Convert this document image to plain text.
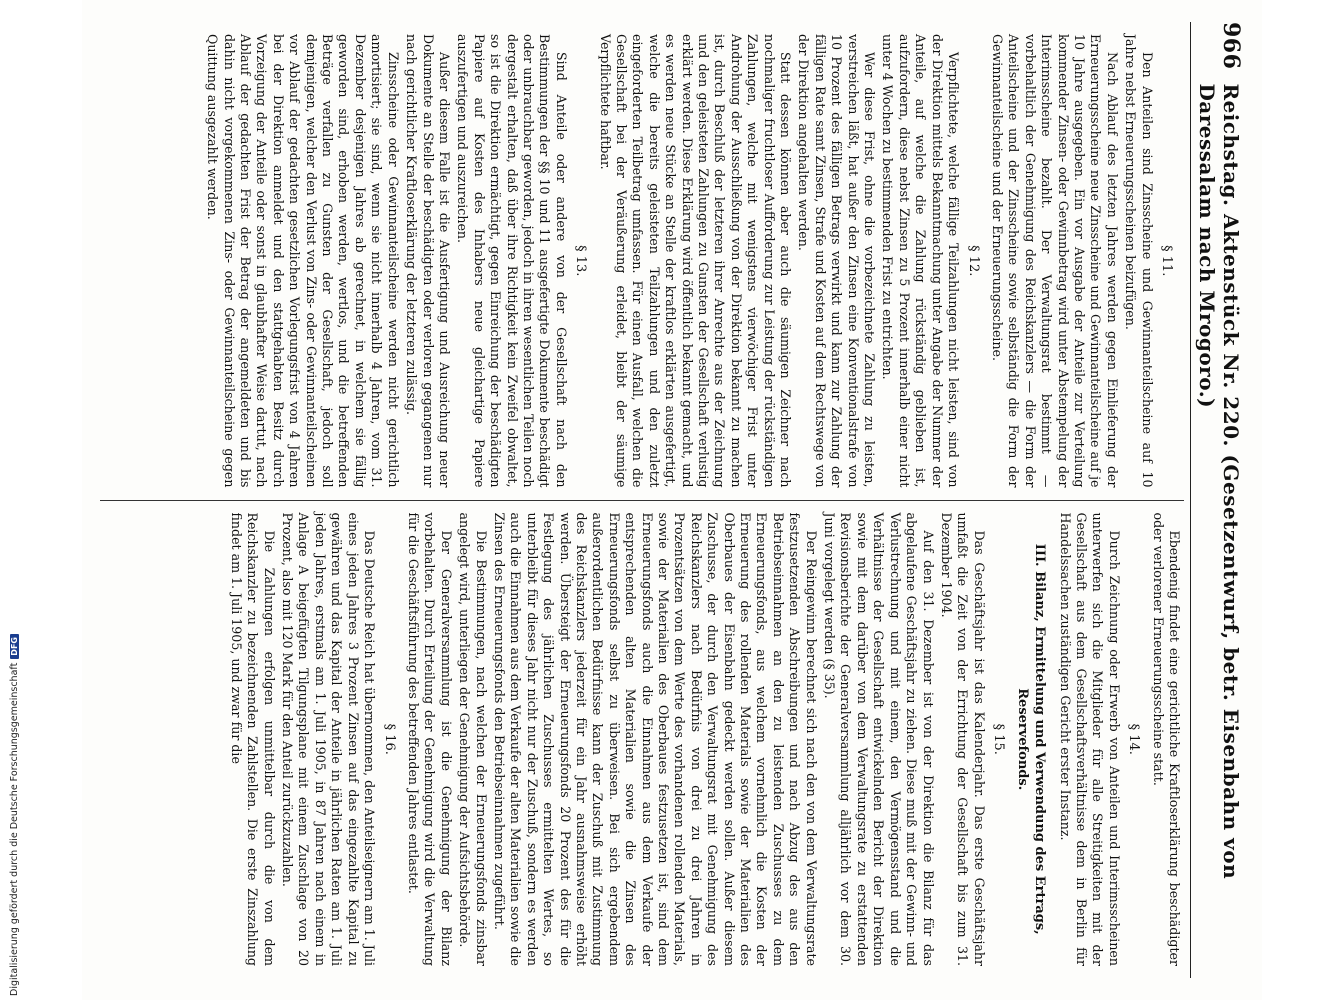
966
Reichstag. Aktenstück Nr. 220. (Gesetzentwurf, betr. Eisenbahn von Daressalam nach Mrogoro.)
§ 11.

Den Anteilen sind Zinsscheine und Gewinnanteilscheine auf 10 Jahre nebst Erneuerungsscheinen beizufügen.

Nach Ablauf des letzten Jahres werden gegen Einlieferung der Erneuerungsscheine neue Zinsscheine und Gewinnanteilscheine auf je 10 Jahre ausgegeben. Ein vor Ausgabe der Anteile zur Verteilung kommender Zinsen- oder Gewinnbetrag wird unter Abstempelung der Interimsscheine bezahlt. Der Verwaltungsrat bestimmt — vorbehaltlich der Genehmigung des Reichskanzlers — die Form der Anteilscheine und der Zinsscheine sowie selbständig die Form der Gewinnanteilscheine und der Erneuerungsscheine.

§ 12.

Verpflichtete, welche fällige Teilzahlungen nicht leisten, sind von der Direktion mittels Bekanntmachung unter Angabe der Nummer der Anteile, auf welche die Zahlung rückständig geblieben ist, aufzufordern, diese nebst Zinsen zu 5 Prozent innerhalb einer nicht unter 4 Wochen zu bestimmenden Frist zu entrichten.

Wer diese Frist, ohne die vorbezeichnete Zahlung zu leisten, verstreichen läßt, hat außer den Zinsen eine Konventionalstrafe von 10 Prozent des fälligen Betrags verwirkt und kann zur Zahlung der fälligen Rate samt Zinsen, Strafe und Kosten auf dem Rechtswege von der Direktion angehalten werden.

Statt dessen können aber auch die säumigen Zeichner nach nochmaliger fruchtloser Aufforderung zur Leistung der rückständigen Zahlungen, welche mit wenigstens vierwöchiger Frist unter Androhung der Ausschließung von der Direktion bekannt zu machen ist, durch Beschluß der letzteren ihrer Anrechte aus der Zeichnung und den geleisteten Zahlungen zu Gunsten der Gesellschaft verlustig erklärt werden. Diese Erklärung wird öffentlich bekannt gemacht, und es werden neue Stücke an Stelle der kraftlos erklärten ausgefertigt, welche die bereits geleisteten Teilzahlungen und den zuletzt eingeforderten Teilbetrag umfassen. Für einen Ausfall, welchen die Gesellschaft bei der Veräußerung erleidet, bleibt der säumige Verpflichtete haftbar.

§ 13.

Sind Anteile oder andere von der Gesellschaft nach den Bestimmungen der §§ 10 und 11 ausgefertigte Dokumente beschädigt oder unbrauchbar geworden, jedoch in ihren wesentlichen Teilen noch dergestalt erhalten, daß über ihre Richtigkeit kein Zweifel obwaltet, so ist die Direktion ermächtigt, gegen Einreichung der beschädigten Papiere auf Kosten des Inhabers neue gleichartige Papiere auszufertigen und auszureichen.

Außer diesem Falle ist die Ausfertigung und Ausreichung neuer Dokumente an Stelle der beschädigten oder verloren gegangenen nur nach gerichtlicher Kraftloserklärung der letzteren zulässig.

Zinsscheine oder Gewinnanteilscheine werden nicht gerichtlich amortisiert; sie sind, wenn sie nicht innerhalb 4 Jahren, vom 31. Dezember desjenigen Jahres ab gerechnet, in welchem sie fällig geworden sind, erhoben werden, wertlos, und die betreffenden Beträge verfallen zu Gunsten der Gesellschaft, jedoch soll demjenigen, welcher den Verlust von Zins- oder Gewinnanteilscheinen vor Ablauf der gedachten gesetzlichen Vorlegungsfrist von 4 Jahren bei der Direktion anmeldet und den stattgehabten Besitz durch Vorzeigung der Anteile oder sonst in glaubhafter Weise dartut, nach Ablauf der gedachten Frist der Betrag der angemeldeten und bis dahin nicht vorgekommenen Zins- oder Gewinnanteilscheine gegen Quittung ausgezahlt werden.

Ebendenig findet eine gerichtliche Kraftloserklärung beschädigter oder verlorener Erneuerungsscheine statt.

§ 14.

Durch Zeichnung oder Erwerb von Anteilen und Interimsscheinen unterwerfen sich die Mitglieder für alle Streitigkeiten mit der Gesellschaft aus dem Gesellschaftsverhältnisse dem in Berlin für Handelssachen zuständigen Gericht erster Instanz.

III. Bilanz, Ermittelung und Verwendung des Ertrags, Reservefonds.
§ 15.

Das Geschäftsjahr ist das Kalenderjahr. Das erste Geschäftsjahr umfaßt die Zeit von der Errichtung der Gesellschaft bis zum 31. Dezember 1904.

Auf den 31. Dezember ist von der Direktion die Bilanz für das abgelaufene Geschäftsjahr zu ziehen. Diese muß mit der Gewinn- und Verlustrechnung und mit einem, den Vermögensstand und die Verhältnisse der Gesellschaft entwickelnden Bericht der Direktion sowie mit dem darüber von dem Verwaltungsrate zu erstattenden Revisionsberichte der Generalversammlung alljährlich vor dem 30. Juni vorgelegt werden (§ 35).

Der Reingewinn berechnet sich nach den von dem Verwaltungsrate festzusetzenden Abschreibungen und nach Abzug des aus den Betriebseinnahmen an den zu leistenden Zuschusses zu dem Erneuerungsfonds, aus welchem vornehmlich die Kosten der Erneuerung des rollenden Materials sowie der Materialien des Oberbaues der Eisenbahn gedeckt werden sollen. Außer diesem Zuschusse, der durch den Verwaltungsrat mit Genehmigung des Reichskanzlers nach Bedürfnis von drei zu drei Jahren in Prozentsätzen von dem Werte des vorhandenen rollenden Materials, sowie der Materialien des Oberbaues festzusetzen ist, sind dem Erneuerungsfonds auch die Einnahmen aus dem Verkaufe der entsprechenden alten Materialien sowie die Zinsen des Erneuerungsfonds selbst zu überweisen. Bei sich ergebendem außerordentlichen Bedürfnisse kann der Zuschuß mit Zustimmung des Reichskanzlers jederzeit für ein Jahr ausnahmsweise erhöht werden. Übersteigt der Erneuerungsfonds 20 Prozent des für die Festlegung des jährlichen Zuschusses ermittelten Wertes, so unterbleibt für dieses Jahr nicht nur der Zuschuß, sondern es werden auch die Einnahmen aus dem Verkaufe der alten Materialien sowie die Zinsen des Erneuerungsfonds den Betriebseinnahmen zugeführt.

Die Bestimmungen, nach welchen der Erneuerungsfonds zinsbar angelegt wird, unterliegen der Genehmigung der Aufsichtsbehörde.

Der Generalversammlung ist die Genehmigung der Bilanz vorbehalten. Durch Erteilung der Genehmigung wird die Verwaltung für die Geschäftsführung des betreffenden Jahres entlastet.

§ 16.

Das Deutsche Reich hat übernommen, den Anteilseignern am 1. Juli eines jeden Jahres 3 Prozent Zinsen auf das eingezahlte Kapital zu gewähren und das Kapital der Anteile in jährlichen Raten am 1. Juli jeden Jahres, erstmals am 1. Juli 1905, in 87 Jahren nach einem in Anlage A beigefügten Tilgungsplane mit einem Zuschlage von 20 Prozent, also mit 120 Mark für den Anteil zurückzuzahlen.

Die Zahlungen erfolgen unmittelbar durch die von dem Reichskanzler zu bezeichnenden Zahlstellen. Die erste Zinszahlung findet am 1. Juli 1905, und zwar für die

Digitalisierung gefördert durch die Deutsche Forschungsgemeinschaft
DFG
